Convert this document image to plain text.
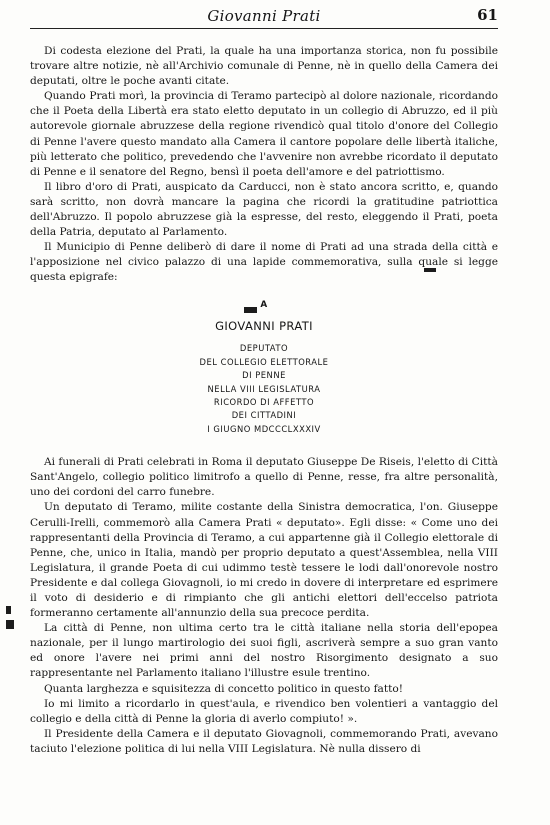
Giovanni Prati	61

Di codesta elezione del Prati, la quale ha una importanza storica, non fu possibile trovare altre notizie, nè all'Archivio comunale di Penne, nè in quello della Camera dei deputati, oltre le poche avanti citate.

Quando Prati morì, la provincia di Teramo partecipò al dolore nazionale, ricordando che il Poeta della Libertà era stato eletto deputato in un collegio di Abruzzo, ed il più autorevole giornale abruzzese della regione rivendicò qual titolo d'onore del Collegio di Penne l'avere questo mandato alla Camera il cantore popolare delle libertà italiche, più letterato che politico, prevedendo che l'avvenire non avrebbe ricordato il deputato di Penne e il senatore del Regno, bensì il poeta dell'amore e del patriottismo.

Il libro d'oro di Prati, auspicato da Carducci, non è stato ancora scritto, e, quando sarà scritto, non dovrà mancare la pagina che ricordi la gratitudine patriottica dell'Abruzzo. Il popolo abruzzese già la espresse, del resto, eleggendo il Prati, poeta della Patria, deputato al Parlamento.

Il Municipio di Penne deliberò di dare il nome di Prati ad una strada della città e l'apposizione nel civico palazzo di una lapide commemorativa, sulla quale si legge questa epigrafe:

A
GIOVANNI PRATI
DEPUTATO
DEL COLLEGIO ELETTORALE
DI PENNE
NELLA VIII LEGISLATURA
RICORDO DI AFFETTO
DEI CITTADINI
I GIUGNO MDCCCLXXXIV

Ai funerali di Prati celebrati in Roma il deputato Giuseppe De Riseis, l'eletto di Città Sant'Angelo, collegio politico limitrofo a quello di Penne, resse, fra altre personalità, uno dei cordoni del carro funebre.

Un deputato di Teramo, milite costante della Sinistra democratica, l'on. Giuseppe Cerulli-Irelli, commemorò alla Camera Prati « deputato». Egli disse: « Come uno dei rappresentanti della Provincia di Teramo, a cui appartenne già il Collegio elettorale di Penne, che, unico in Italia, mandò per proprio deputato a quest'Assemblea, nella VIII Legislatura, il grande Poeta di cui udimmo testè tessere le lodi dall'onorevole nostro Presidente e dal collega Giovagnoli, io mi credo in dovere di interpretare ed esprimere il voto di desiderio e di rimpianto che gli antichi elettori dell'eccelso patriota formeranno certamente all'annunzio della sua precoce perdita.

La città di Penne, non ultima certo tra le città italiane nella storia dell'epopea nazionale, per il lungo martirologio dei suoi figli, ascriverà sempre a suo gran vanto ed onore l'avere nei primi anni del nostro Risorgimento designato a suo rappresentante nel Parlamento italiano l'illustre esule trentino.

Quanta larghezza e squisitezza di concetto politico in questo fatto!

Io mi limito a ricordarlo in quest'aula, e rivendico ben volentieri a vantaggio del collegio e della città di Penne la gloria di averlo compiuto! ».

Il Presidente della Camera e il deputato Giovagnoli, commemorando Prati, avevano taciuto l'elezione politica di lui nella VIII Legislatura. Nè nulla dissero di
